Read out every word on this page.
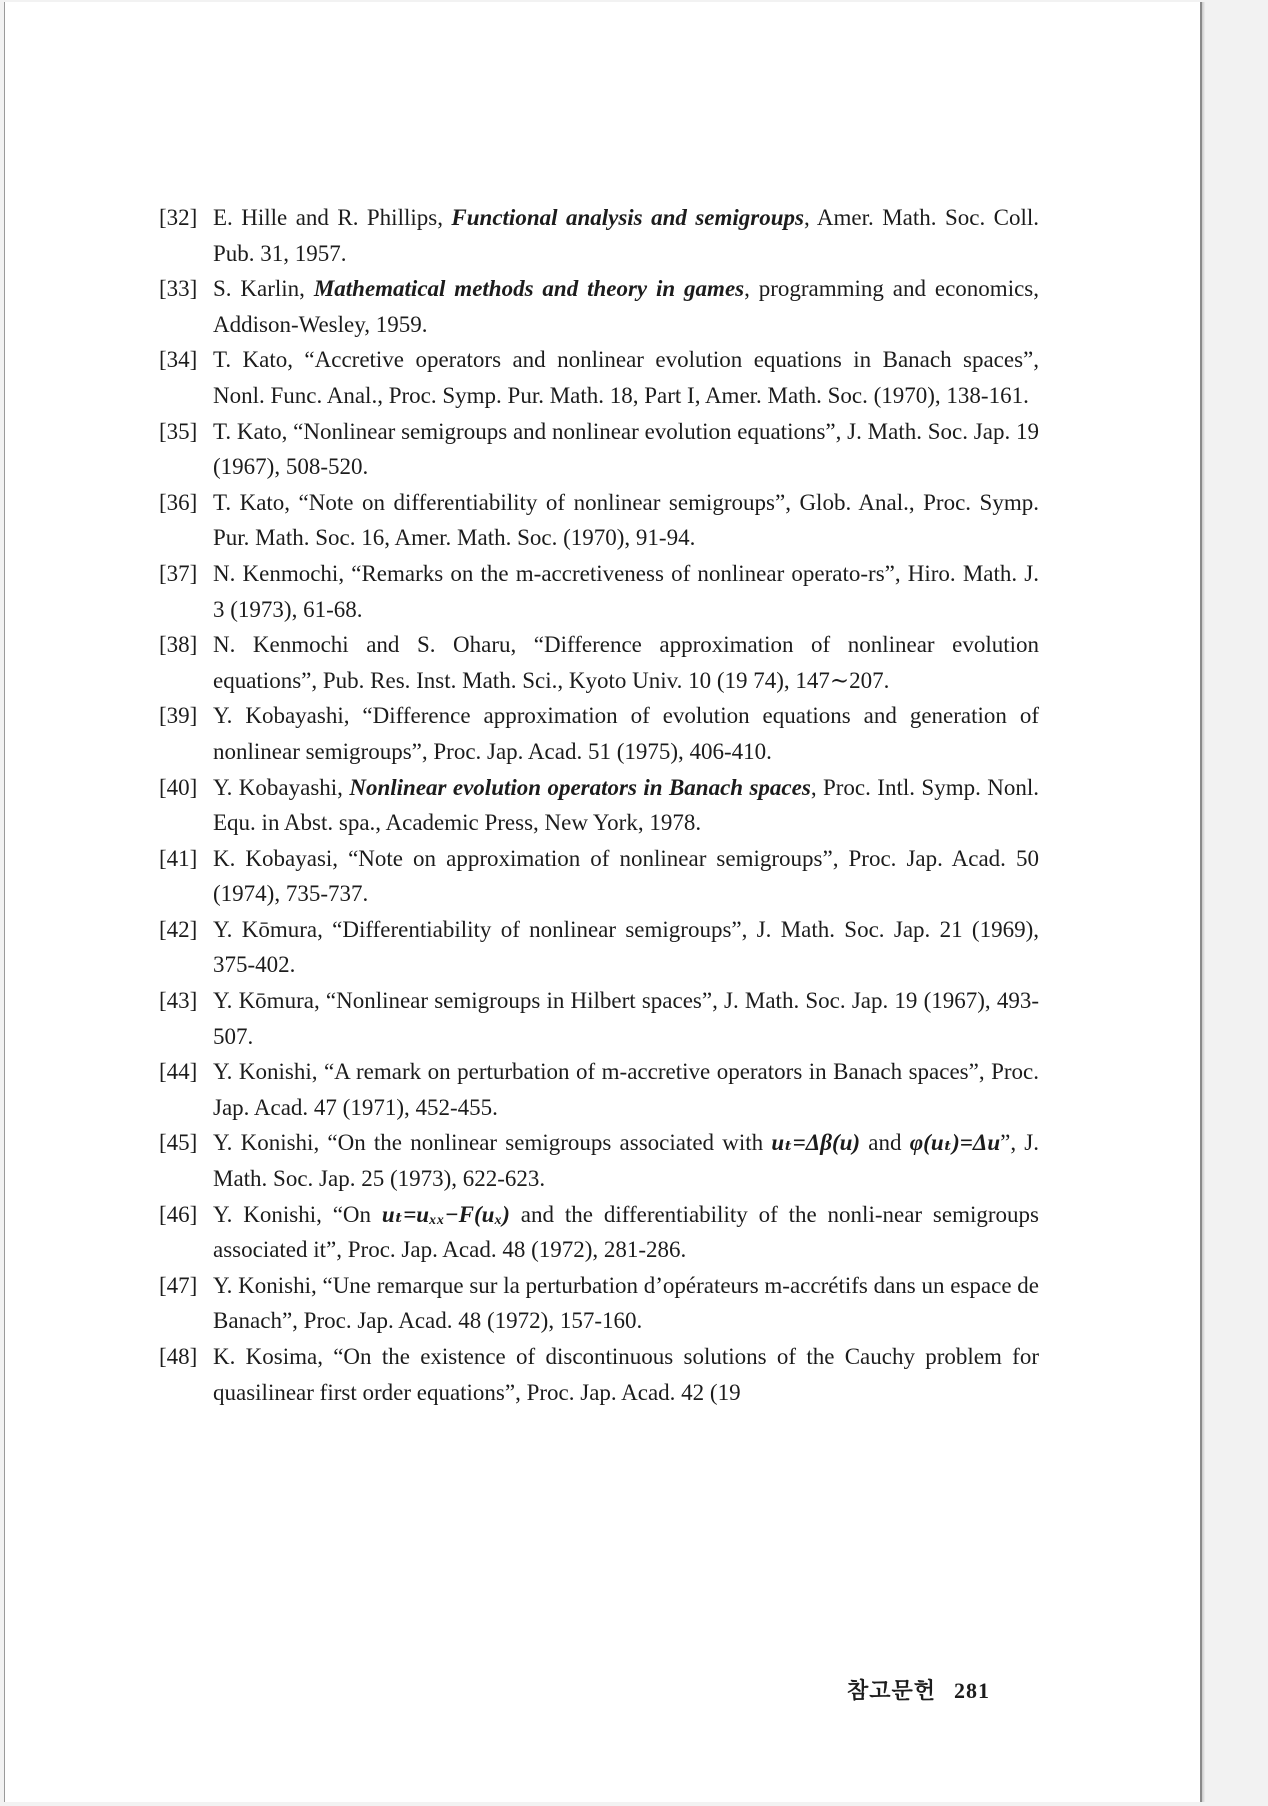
[32] E. Hille and R. Phillips, Functional analysis and semigroups, Amer. Math. Soc. Coll. Pub. 31, 1957.
[33] S. Karlin, Mathematical methods and theory in games, programming and economics, Addison-Wesley, 1959.
[34] T. Kato, “Accretive operators and nonlinear evolution equations in Banach spaces”, Nonl. Func. Anal., Proc. Symp. Pur. Math. 18, Part I, Amer. Math. Soc. (1970), 138-161.
[35] T. Kato, “Nonlinear semigroups and nonlinear evolution equations”, J. Math. Soc. Jap. 19 (1967), 508-520.
[36] T. Kato, “Note on differentiability of nonlinear semigroups”, Glob. Anal., Proc. Symp. Pur. Math. Soc. 16, Amer. Math. Soc. (1970), 91-94.
[37] N. Kenmochi, “Remarks on the m-accretiveness of nonlinear operato-rs”, Hiro. Math. J. 3 (1973), 61-68.
[38] N. Kenmochi and S. Oharu, “Difference approximation of nonlinear evolution equations”, Pub. Res. Inst. Math. Sci., Kyoto Univ. 10 (19 74), 147∼207.
[39] Y. Kobayashi, “Difference approximation of evolution equations and generation of nonlinear semigroups”, Proc. Jap. Acad. 51 (1975), 406-410.
[40] Y. Kobayashi, Nonlinear evolution operators in Banach spaces, Proc. Intl. Symp. Nonl. Equ. in Abst. spa., Academic Press, New York, 1978.
[41] K. Kobayasi, “Note on approximation of nonlinear semigroups”, Proc. Jap. Acad. 50 (1974), 735-737.
[42] Y. Kōmura, “Differentiability of nonlinear semigroups”, J. Math. Soc. Jap. 21 (1969), 375-402.
[43] Y. Kōmura, “Nonlinear semigroups in Hilbert spaces”, J. Math. Soc. Jap. 19 (1967), 493-507.
[44] Y. Konishi, “A remark on perturbation of m-accretive operators in Banach spaces”, Proc. Jap. Acad. 47 (1971), 452-455.
[45] Y. Konishi, “On the nonlinear semigroups associated with uₜ=Δβ(u) and φ(uₜ)=Δu”, J. Math. Soc. Jap. 25 (1973), 622-623.
[46] Y. Konishi, “On uₜ=uₓₓ−F(uₓ) and the differentiability of the nonli-near semigroups associated it”, Proc. Jap. Acad. 48 (1972), 281-286.
[47] Y. Konishi, “Une remarque sur la perturbation d’opérateurs m-accrétifs dans un espace de Banach”, Proc. Jap. Acad. 48 (1972), 157-160.
[48] K. Kosima, “On the existence of discontinuous solutions of the Cauchy problem for quasilinear first order equations”, Proc. Jap. Acad. 42 (19
참고문헌 281
